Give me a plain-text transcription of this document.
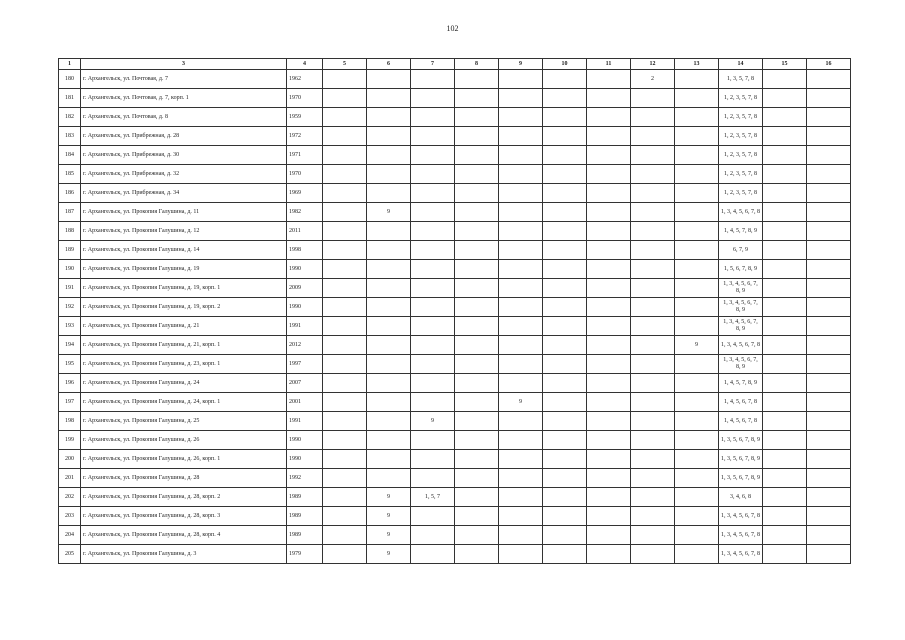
102
1	3	4	5	6	7	8	9	10	11	12	13	14	15	16
180	г. Архангельск, ул. Почтовая, д. 7	1962								2		1, 3, 5, 7, 8		
181	г. Архангельск, ул. Почтовая, д. 7, корп. 1	1970										1, 2, 3, 5, 7, 8		
182	г. Архангельск, ул. Почтовая, д. 8	1959										1, 2, 3, 5, 7, 8		
183	г. Архангельск, ул. Прибрежная, д. 28	1972										1, 2, 3, 5, 7, 8		
184	г. Архангельск, ул. Прибрежная, д. 30	1971										1, 2, 3, 5, 7, 8		
185	г. Архангельск, ул. Прибрежная, д. 32	1970										1, 2, 3, 5, 7, 8		
186	г. Архангельск, ул. Прибрежная, д. 34	1969										1, 2, 3, 5, 7, 8		
187	г. Архангельск, ул. Прокопия Галушина, д. 11	1982		9								1, 3, 4, 5, 6, 7, 8		
188	г. Архангельск, ул. Прокопия Галушина, д. 12	2011										1, 4, 5, 7, 8, 9		
189	г. Архангельск, ул. Прокопия Галушина, д. 14	1998										6, 7, 9		
190	г. Архангельск, ул. Прокопия Галушина, д. 19	1990										1, 5, 6, 7, 8, 9		
191	г. Архангельск, ул. Прокопия Галушина, д. 19, корп. 1	2009										1, 3, 4, 5, 6, 7, 8, 9		
192	г. Архангельск, ул. Прокопия Галушина, д. 19, корп. 2	1990										1, 3, 4, 5, 6, 7, 8, 9		
193	г. Архангельск, ул. Прокопия Галушина, д. 21	1991										1, 3, 4, 5, 6, 7, 8, 9		
194	г. Архангельск, ул. Прокопия Галушина, д. 21, корп. 1	2012									9	1, 3, 4, 5, 6, 7, 8		
195	г. Архангельск, ул. Прокопия Галушина, д. 23, корп. 1	1997										1, 3, 4, 5, 6, 7, 8, 9		
196	г. Архангельск, ул. Прокопия Галушина, д. 24	2007										1, 4, 5, 7, 8, 9		
197	г. Архангельск, ул. Прокопия Галушина, д. 24, корп. 1	2001					9					1, 4, 5, 6, 7, 8		
198	г. Архангельск, ул. Прокопия Галушина, д. 25	1991			9							1, 4, 5, 6, 7, 8		
199	г. Архангельск, ул. Прокопия Галушина, д. 26	1990										1, 3, 5, 6, 7, 8, 9		
200	г. Архангельск, ул. Прокопия Галушина, д. 26, корп. 1	1990										1, 3, 5, 6, 7, 8, 9		
201	г. Архангельск, ул. Прокопия Галушина, д. 28	1992										1, 3, 5, 6, 7, 8, 9		
202	г. Архангельск, ул. Прокопия Галушина, д. 28, корп. 2	1989		9	1, 5, 7							3, 4, 6, 8		
203	г. Архангельск, ул. Прокопия Галушина, д. 28, корп. 3	1989		9								1, 3, 4, 5, 6, 7, 8		
204	г. Архангельск, ул. Прокопия Галушина, д. 28, корп. 4	1989		9								1, 3, 4, 5, 6, 7, 8		
205	г. Архангельск, ул. Прокопия Галушина, д. 3	1979		9								1, 3, 4, 5, 6, 7, 8		
